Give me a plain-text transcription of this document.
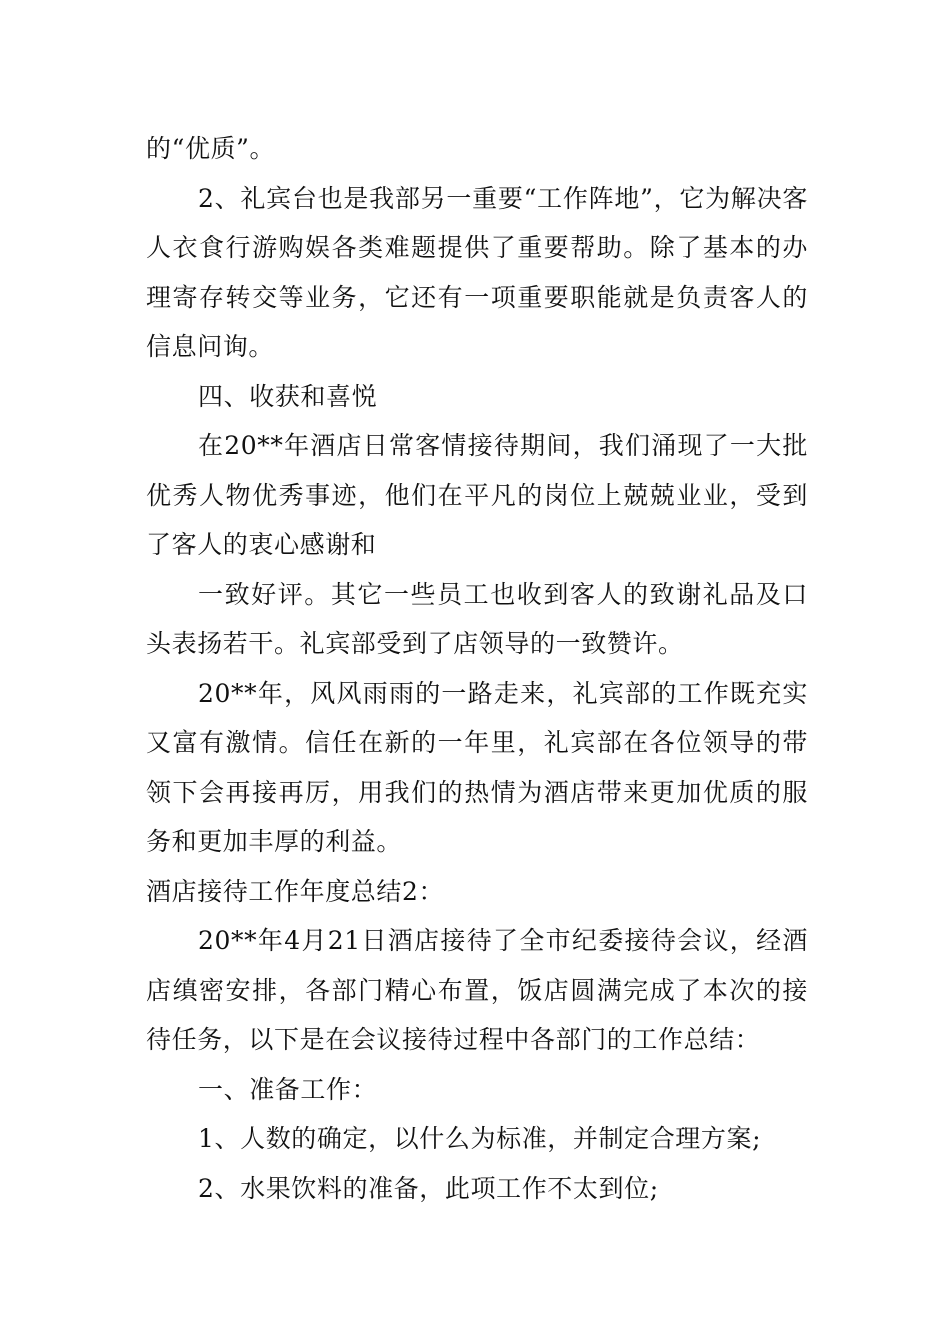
的“优质”。

2、礼宾台也是我部另一重要“工作阵地”，它为解决客人衣食行游购娱各类难题提供了重要帮助。除了基本的办理寄存转交等业务，它还有一项重要职能就是负责客人的信息问询。

四、收获和喜悦

在20**年酒店日常客情接待期间，我们涌现了一大批优秀人物优秀事迹，他们在平凡的岗位上兢兢业业，受到了客人的衷心感谢和

一致好评。其它一些员工也收到客人的致谢礼品及口头表扬若干。礼宾部受到了店领导的一致赞许。

20**年，风风雨雨的一路走来，礼宾部的工作既充实又富有激情。信任在新的一年里，礼宾部在各位领导的带领下会再接再厉，用我们的热情为酒店带来更加优质的服务和更加丰厚的利益。

酒店接待工作年度总结2：

20**年4月21日酒店接待了全市纪委接待会议，经酒店缜密安排，各部门精心布置，饭店圆满完成了本次的接待任务，以下是在会议接待过程中各部门的工作总结：

一、准备工作：

1、人数的确定，以什么为标准，并制定合理方案;

2、水果饮料的准备，此项工作不太到位;
